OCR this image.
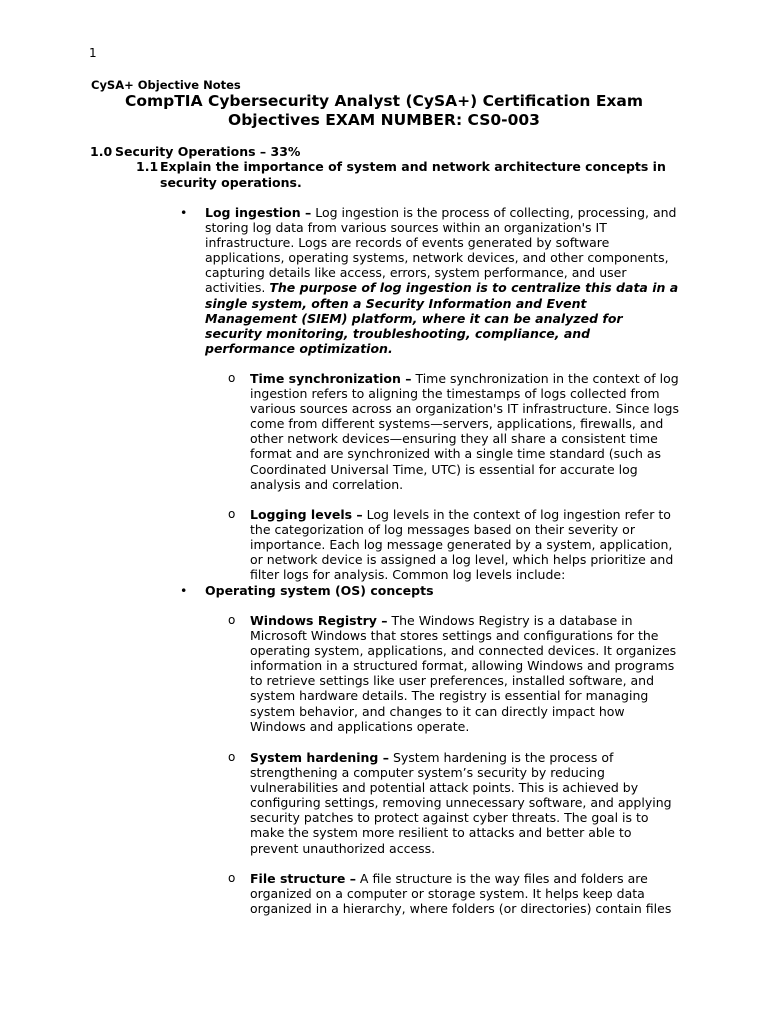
1
CySA+ Objective Notes
CompTIA Cybersecurity Analyst (CySA+) Certification Exam
Objectives EXAM NUMBER: CS0-003
1.0 Security Operations – 33%
1.1 Explain the importance of system and network architecture concepts in
security operations.
• Log ingestion – Log ingestion is the process of collecting, processing, and storing log data from various sources within an organization's IT infrastructure. Logs are records of events generated by software applications, operating systems, network devices, and other components, capturing details like access, errors, system performance, and user activities. The purpose of log ingestion is to centralize this data in a single system, often a Security Information and Event Management (SIEM) platform, where it can be analyzed for security monitoring, troubleshooting, compliance, and performance optimization.
o Time synchronization – Time synchronization in the context of log ingestion refers to aligning the timestamps of logs collected from various sources across an organization's IT infrastructure. Since logs come from different systems—servers, applications, firewalls, and other network devices—ensuring they all share a consistent time format and are synchronized with a single time standard (such as Coordinated Universal Time, UTC) is essential for accurate log analysis and correlation.
o Logging levels – Log levels in the context of log ingestion refer to the categorization of log messages based on their severity or importance. Each log message generated by a system, application, or network device is assigned a log level, which helps prioritize and filter logs for analysis. Common log levels include:
• Operating system (OS) concepts
o Windows Registry – The Windows Registry is a database in Microsoft Windows that stores settings and configurations for the operating system, applications, and connected devices. It organizes information in a structured format, allowing Windows and programs to retrieve settings like user preferences, installed software, and system hardware details. The registry is essential for managing system behavior, and changes to it can directly impact how Windows and applications operate.
o System hardening – System hardening is the process of strengthening a computer system’s security by reducing vulnerabilities and potential attack points. This is achieved by configuring settings, removing unnecessary software, and applying security patches to protect against cyber threats. The goal is to make the system more resilient to attacks and better able to prevent unauthorized access.
o File structure – A file structure is the way files and folders are organized on a computer or storage system. It helps keep data organized in a hierarchy, where folders (or directories) contain files
